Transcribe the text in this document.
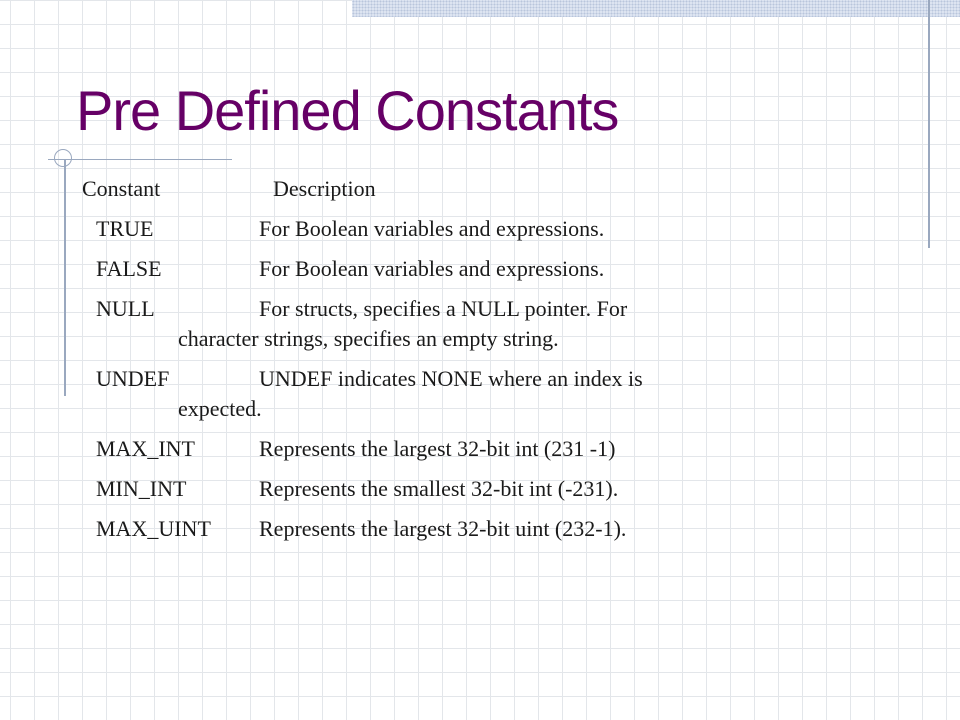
Pre Defined Constants
Constant	Description
TRUE	For Boolean variables and expressions.
FALSE	For Boolean variables and expressions.
NULL	For structs, specifies a NULL pointer. For
character strings, specifies an empty string.
UNDEF	UNDEF indicates NONE where an index is
expected.
MAX_INT	Represents the largest 32-bit int (231 -1)
MIN_INT	Represents the smallest 32-bit int (-231).
MAX_UINT Represents the largest 32-bit uint (232-1).
